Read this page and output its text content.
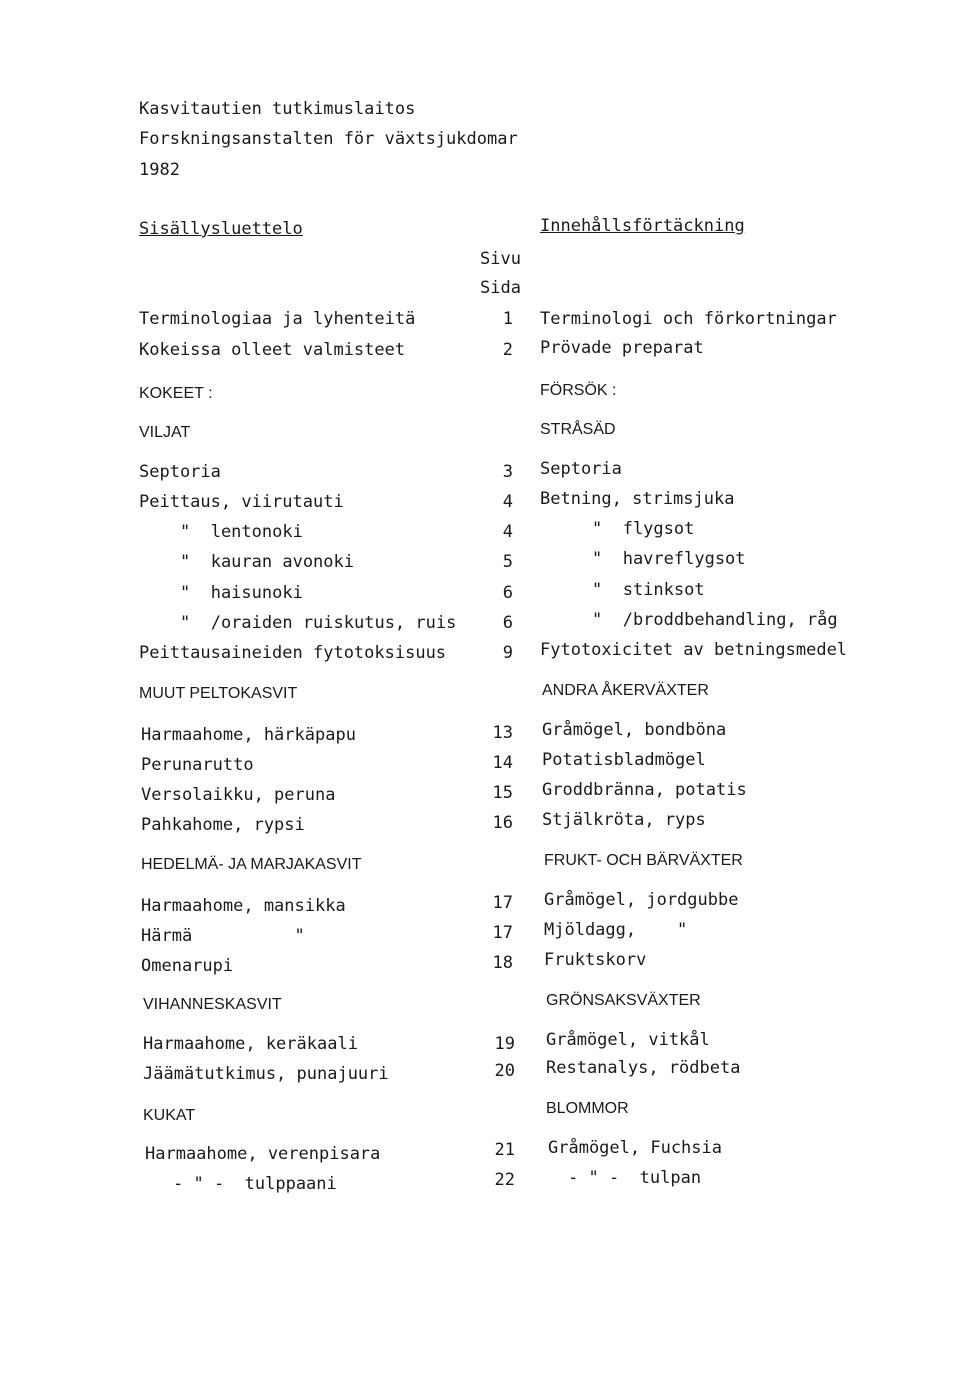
Kasvitautien tutkimuslaitos
Forskningsanstalten för växtsjukdomar
1982
Sisällysluettelo	Innehållsförtäckning
Sivu
Sida
Terminologiaa ja lyhenteitä	1 Terminologi och förkortningar
Kokeissa olleet valmisteet	2 Prövade preparat
KOKEET :	FÖRSÖK :
VILJAT	STRÅSÄD
Septoria	3 Septoria
Peittaus, viirutauti	4 Betning, strimsjuka
"  lentonoki	4	"  flygsot
"  kauran avonoki	5	"  havreflygsot
"  haisunoki	6	"  stinksot
"  /oraiden ruiskutus, ruis	6	"  /broddbehandling, råg
Peittausaineiden fytotoksisuus	9 Fytotoxicitet av betningsmedel
MUUT PELTOKASVIT	ANDRA ÅKERVÄXTER
Harmaahome, härkäpapu	13 Gråmögel, bondböna
Perunarutto	14 Potatisbladmögel
Versolaikku, peruna	15 Groddbränna, potatis
Pahkahome, rypsi	16 Stjälkröta, ryps
HEDELMÄ- JA MARJAKASVIT	FRUKT- OCH BÄRVÄXTER
Harmaahome, mansikka	17 Gråmögel, jordgubbe
Härmä          "	17 Mjöldagg,    "
Omenarupi	18 Fruktskorv
VIHANNESKASVIT	GRÖNSAKSVÄXTER
Harmaahome, keräkaali	19 Gråmögel, vitkål
Jäämätutkimus, punajuuri	20 Restanalys, rödbeta
KUKAT	BLOMMOR
Harmaahome, verenpisara	21 Gråmögel, Fuchsia
- " -  tulppaani	22	- " -  tulpan
